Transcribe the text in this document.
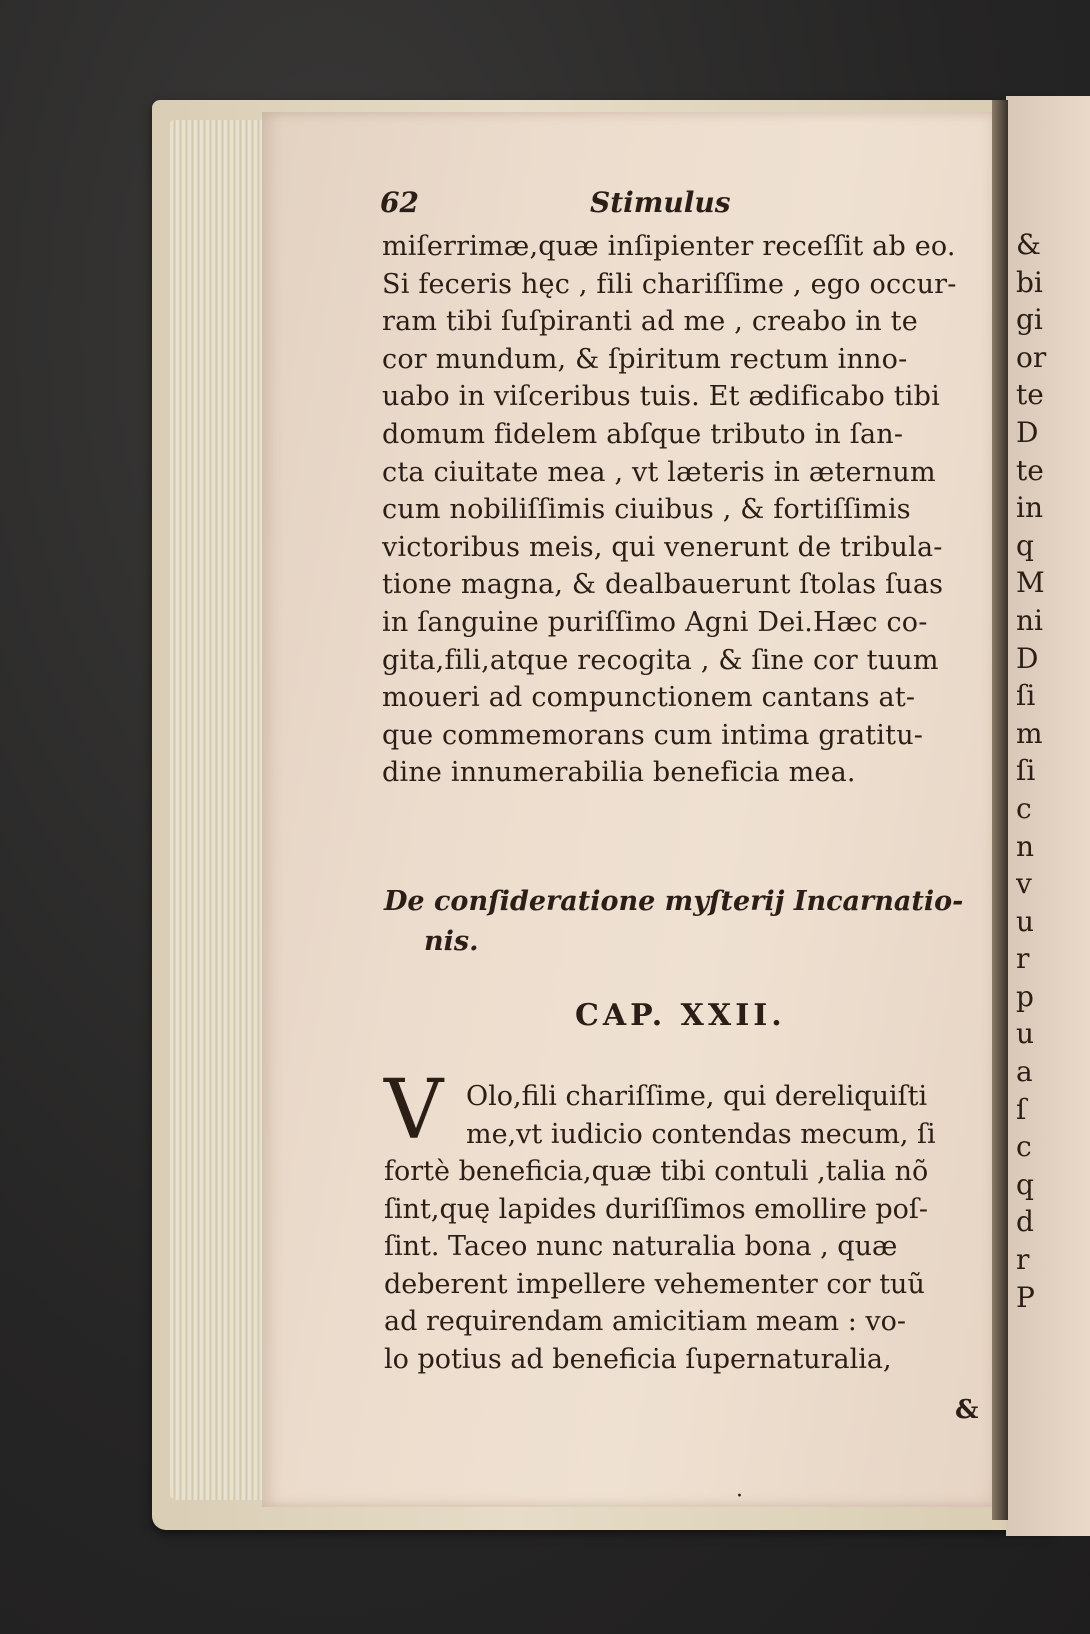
&
bi
gi
or
te
D
te
in
q
M
ni
D
ſi
m
ſi
c
n
v
u
r
p
u
a
ſ
c
q
d
r
P
62	Stimulus
miſerrimæ,quæ inſipienter receſſit ab eo.
Si feceris hęc , fili chariſſime , ego occur-
ram tibi ſuſpiranti ad me , creabo in te
cor mundum, & ſpiritum rectum inno-
uabo in viſceribus tuis. Et ædificabo tibi
domum fidelem abſque tributo in ſan-
cta ciuitate mea , vt læteris in æternum
cum nobiliſſimis ciuibus , & fortiſſimis
victoribus meis, qui venerunt de tribula-
tione magna, & dealbauerunt ſtolas ſuas
in ſanguine puriſſimo Agni Dei.Hæc co-
gita,fili,atque recogita , & ſine cor tuum
moueri ad compunctionem cantans at-
que commemorans cum intima gratitu-
dine innumerabilia beneficia mea.
De conſideratione myſterij Incarnatio-
nis.
CAP. XXII.
V Olo,fili chariſſime, qui dereliquiſti
me,vt iudicio contendas mecum, ſi
fortè beneficia,quæ tibi contuli ,talia nõ
ſint,quę lapides duriſſimos emollire poſ-
ſint. Taceo nunc naturalia bona , quæ
deberent impellere vehementer cor tuũ
ad requirendam amicitiam meam : vo-
lo potius ad beneficia ſupernaturalia,
&
·
